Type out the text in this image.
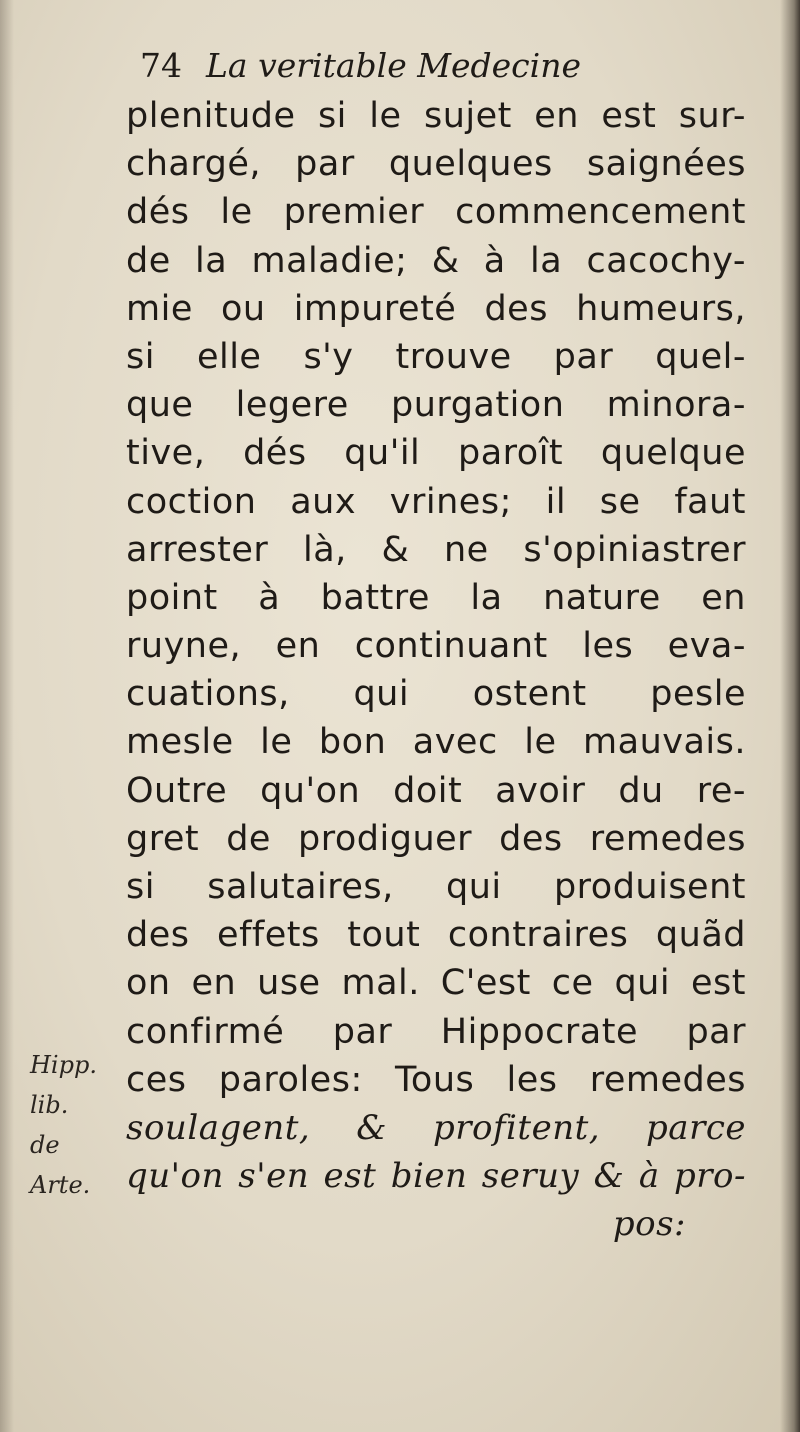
74 La veritable Medecine
plenitude si le sujet en est sur-
chargé, par quelques saignées
dés le premier commencement
de la maladie; & à la cacochy-
mie ou impureté des humeurs,
si elle s'y trouve par quel-
que legere purgation minora-
tive, dés qu'il paroît quelque
coction aux vrines; il se faut
arrester là, & ne s'opiniastrer
point à battre la nature en
ruyne, en continuant les eva-
cuations, qui ostent pesle
mesle le bon avec le mauvais.
Outre qu'on doit avoir du re-
gret de prodiguer des remedes
si salutaires, qui produisent
des effets tout contraires quãd
on en use mal. C'est ce qui est
confirmé par Hippocrate par
ces paroles: Tous les remedes
soulagent, & profitent, parce
qu'on s'en est bien seruy & à pro-
pos:
Hipp.
lib.
de
Arte.
